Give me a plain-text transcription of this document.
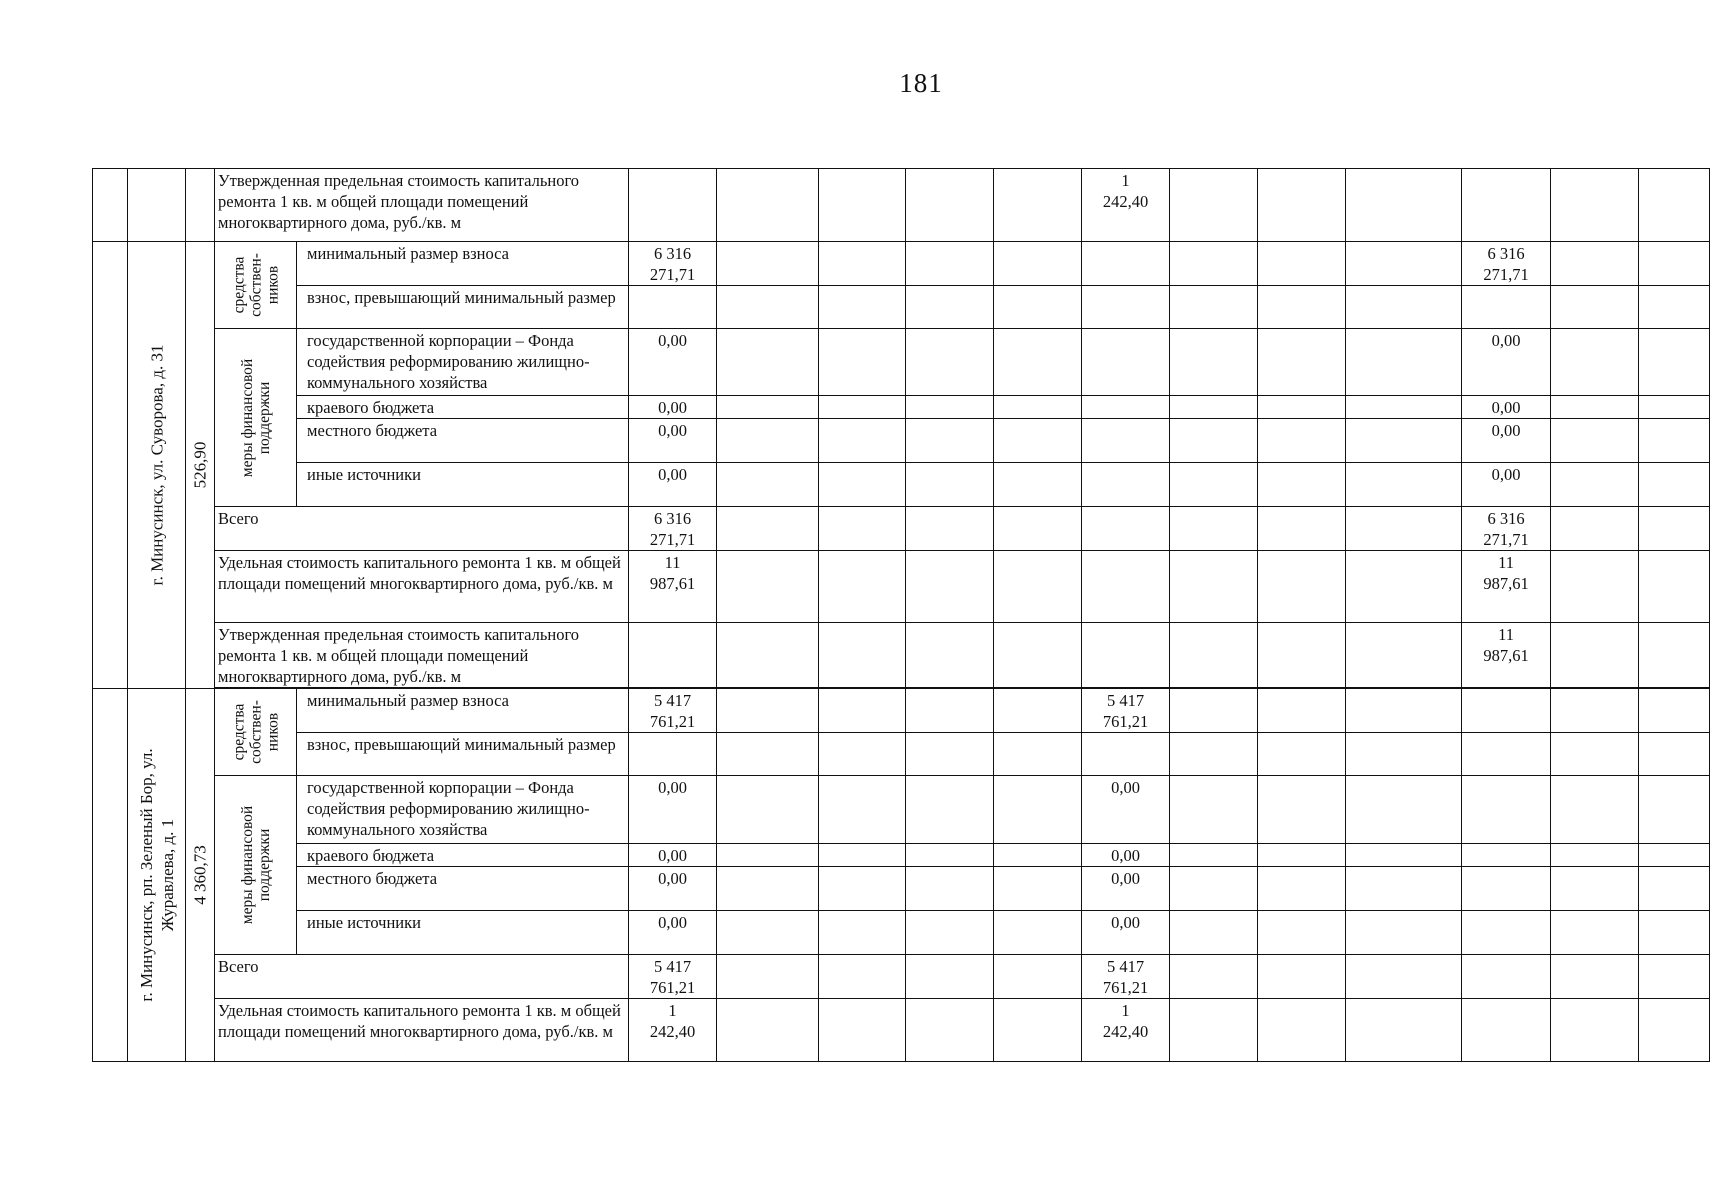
181
			Утвержденная предельная стоимость капитального ремонта 1 кв. м общей площади помещений многоквартирного дома, руб./кв. м							1
242,40						

	г. Минусинск, ул. Суворова, д. 31	526,90	средства собствен-ников	минимальный размер взноса	6 316
271,71									6 316
271,71		
				взнос, превышающий минимальный размер												

			меры финансовой поддержки	государственной корпорации – Фонда содействия реформированию жилищно-коммунального хозяйства	0,00									0,00		
				краевого бюджета	0,00									0,00		
				местного бюджета	0,00									0,00		
				иные источники	0,00									0,00		
			Всего		6 316
271,71									6 316
271,71		
			Удельная стоимость капитального ремонта 1 кв. м общей площади помещений многоквартирного дома, руб./кв. м		11
987,61									11
987,61		
			Утвержденная предельная стоимость капитального ремонта 1 кв. м общей площади помещений многоквартирного дома, руб./кв. м											11
987,61		

	г. Минусинск, рп. Зеленый Бор, ул. Журавлева, д. 1	4 360,73	средства собствен-ников	минимальный размер взноса	5 417
761,21					5 417
761,21						
				взнос, превышающий минимальный размер												

			меры финансовой поддержки	государственной корпорации – Фонда содействия реформированию жилищно-коммунального хозяйства	0,00					0,00						
				краевого бюджета	0,00					0,00						
				местного бюджета	0,00					0,00						
				иные источники	0,00					0,00						
			Всего		5 417
761,21					5 417
761,21						
			Удельная стоимость капитального ремонта 1 кв. м общей площади помещений многоквартирного дома, руб./кв. м		1
242,40					1
242,40						
